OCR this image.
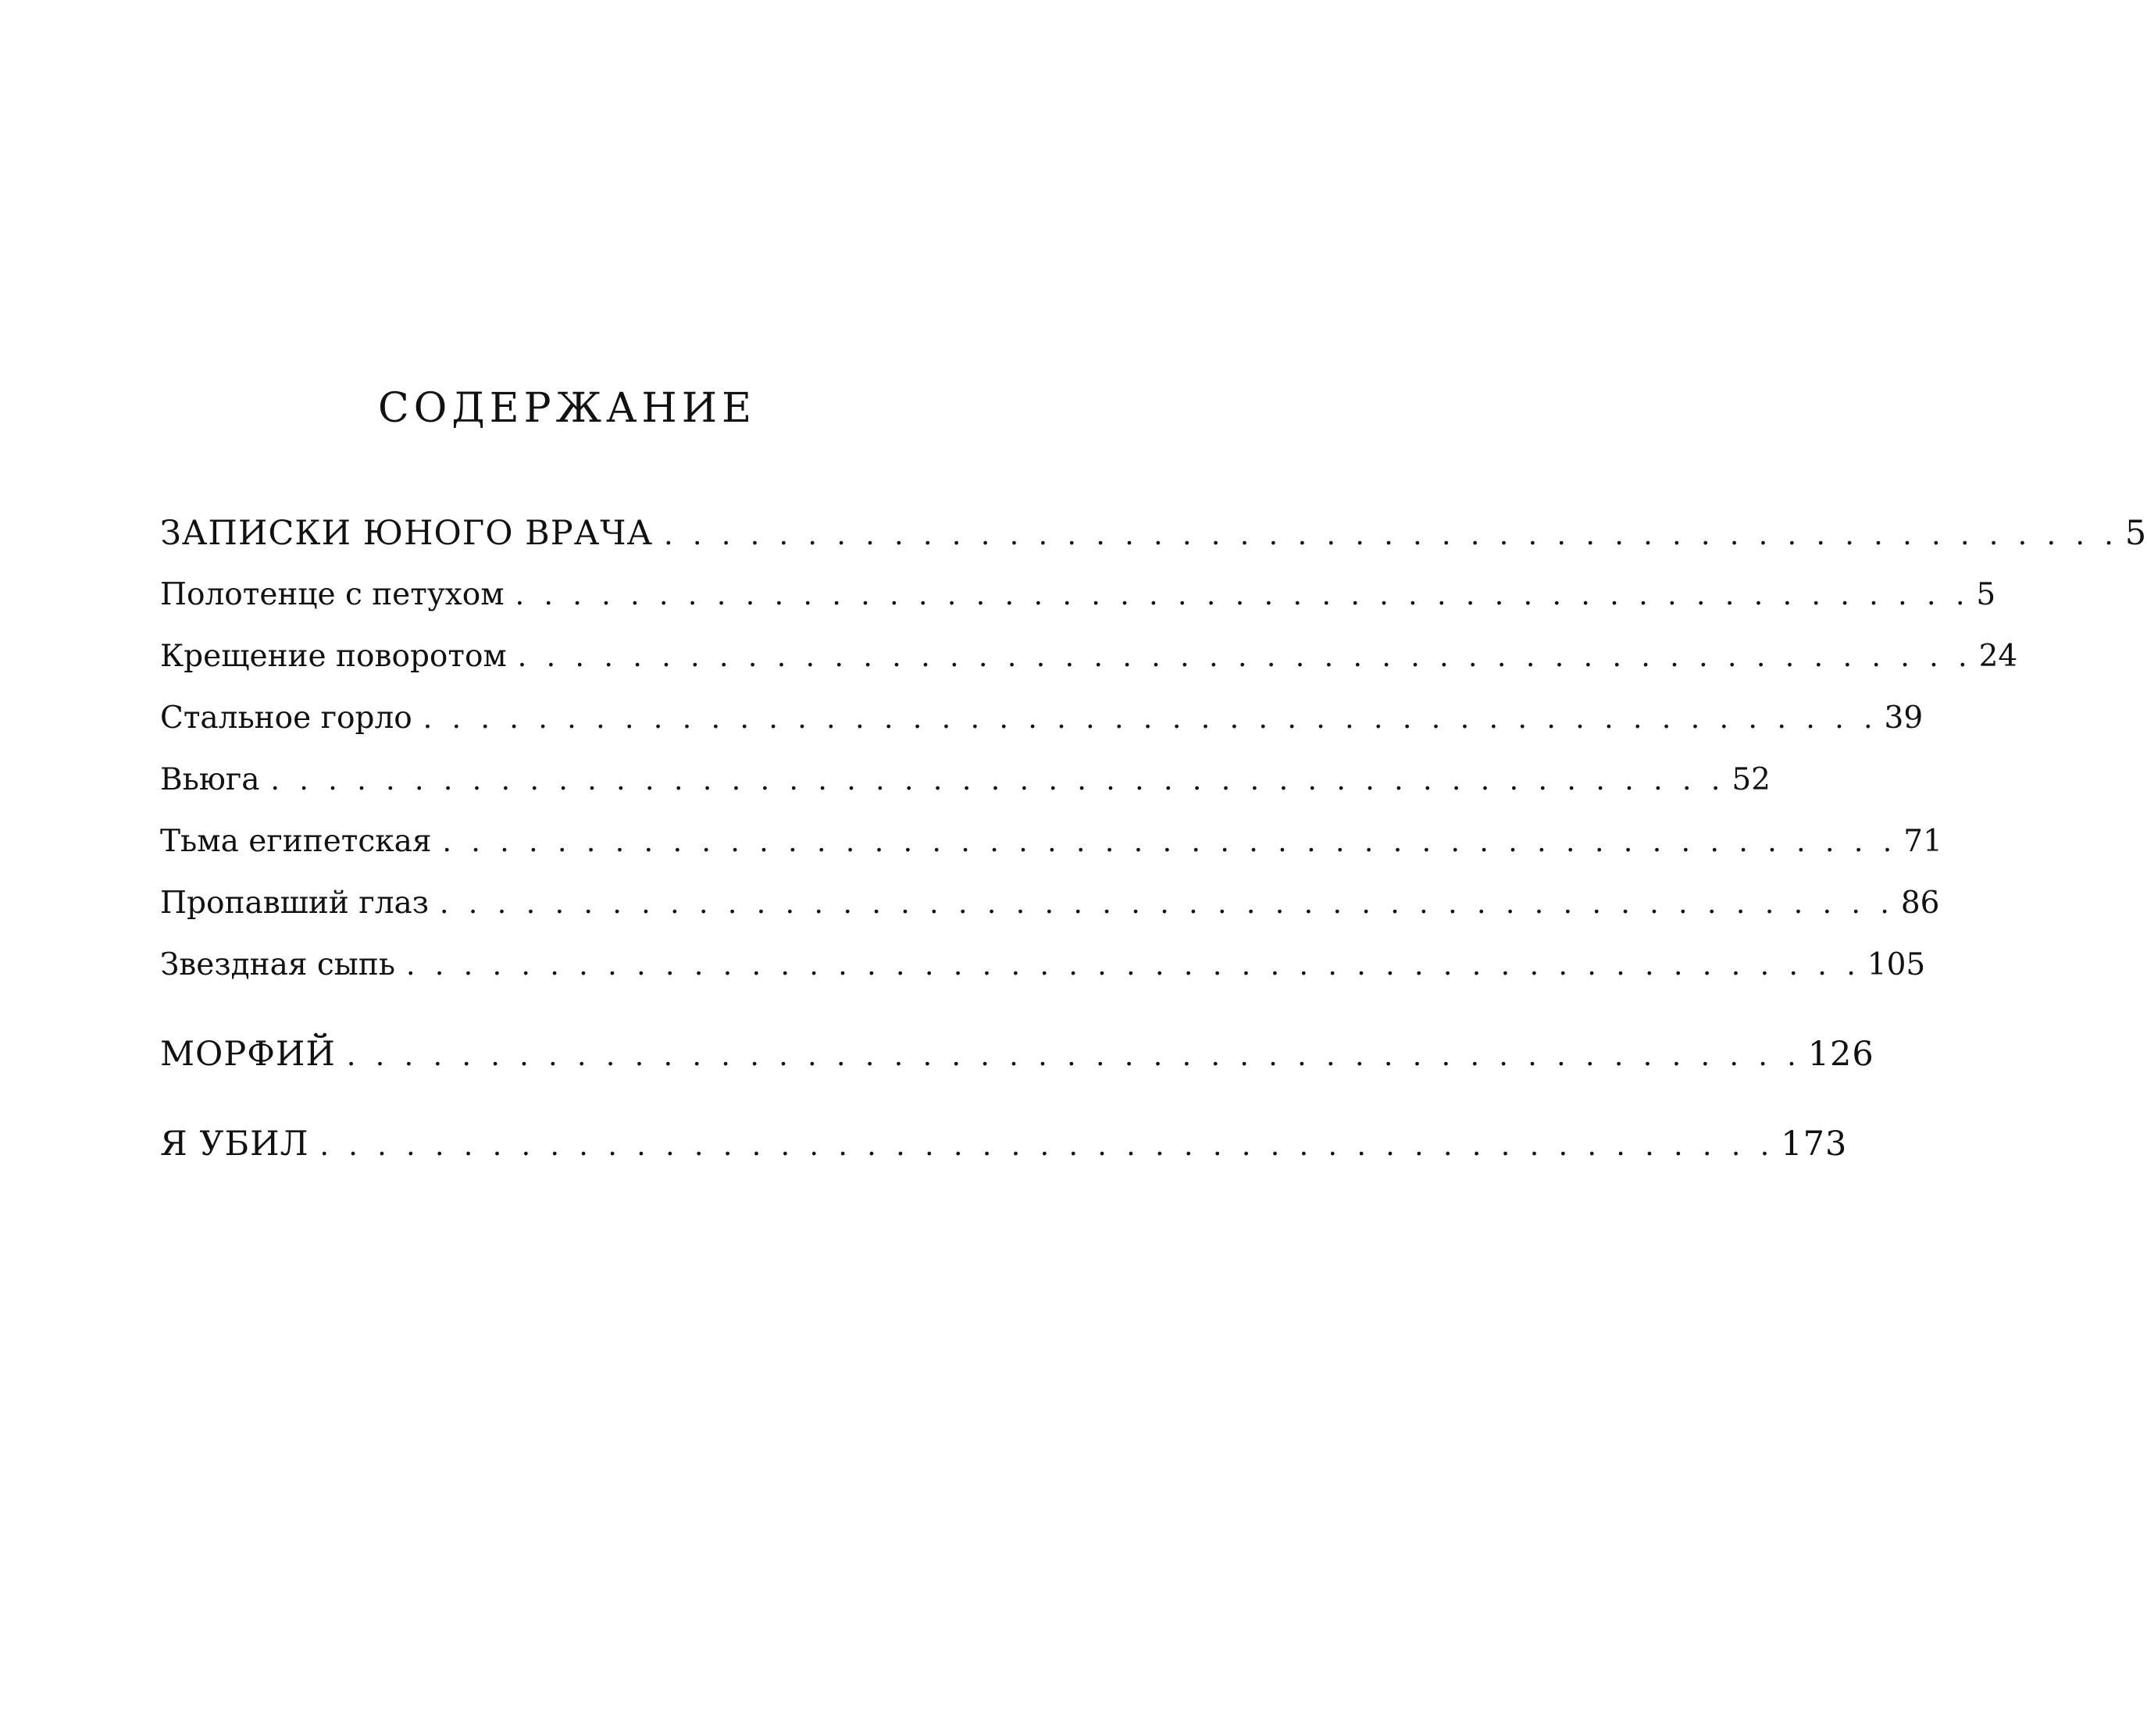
СОДЕРЖАНИЕ
ЗАПИСКИ ЮНОГО ВРАЧА . . . . . . . . . . . . . . . . . . . . . . . . . . . . . . . . . . . . . . . . . . . . . . . . . . . 5
Полотенце с петухом . . . . . . . . . . . . . . . . . . . . . . . . . . . . . . . . . . . . . . . . . . . . . . . . . . . 5
Крещение поворотом . . . . . . . . . . . . . . . . . . . . . . . . . . . . . . . . . . . . . . . . . . . . . . . . . . . 24
Стальное горло . . . . . . . . . . . . . . . . . . . . . . . . . . . . . . . . . . . . . . . . . . . . . . . . . . . 39
Вьюга . . . . . . . . . . . . . . . . . . . . . . . . . . . . . . . . . . . . . . . . . . . . . . . . . . . 52
Тьма египетская . . . . . . . . . . . . . . . . . . . . . . . . . . . . . . . . . . . . . . . . . . . . . . . . . . . 71
Пропавший глаз . . . . . . . . . . . . . . . . . . . . . . . . . . . . . . . . . . . . . . . . . . . . . . . . . . . 86
Звездная сыпь . . . . . . . . . . . . . . . . . . . . . . . . . . . . . . . . . . . . . . . . . . . . . . . . . . . 105
МОРФИЙ . . . . . . . . . . . . . . . . . . . . . . . . . . . . . . . . . . . . . . . . . . . . . . . . . . . 126
Я УБИЛ . . . . . . . . . . . . . . . . . . . . . . . . . . . . . . . . . . . . . . . . . . . . . . . . . . . 173
